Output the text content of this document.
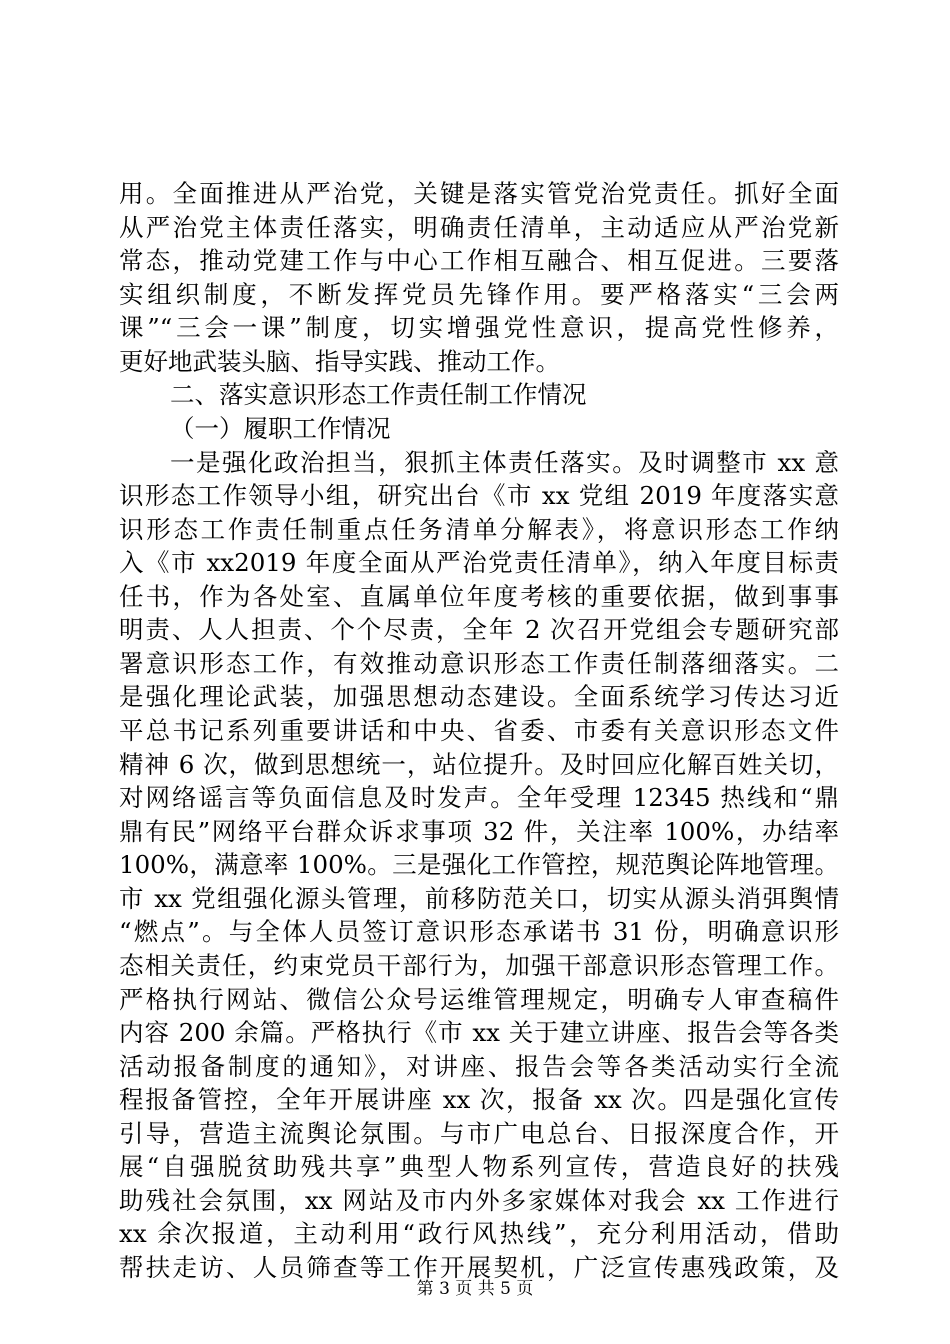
用。全面推进从严治党，关键是落实管党治党责任。抓好全面
从严治党主体责任落实，明确责任清单，主动适应从严治党新
常态，推动党建工作与中心工作相互融合、相互促进。三要落
实组织制度，不断发挥党员先锋作用。要严格落实“三会两
课”“三会一课”制度，切实增强党性意识，提高党性修养，
更好地武装头脑、指导实践、推动工作。
二、落实意识形态工作责任制工作情况
（一）履职工作情况
一是强化政治担当，狠抓主体责任落实。及时调整市 xx 意
识形态工作领导小组，研究出台《市 xx 党组 2019 年度落实意
识形态工作责任制重点任务清单分解表》，将意识形态工作纳
入《市 xx2019 年度全面从严治党责任清单》，纳入年度目标责
任书，作为各处室、直属单位年度考核的重要依据，做到事事
明责、人人担责、个个尽责，全年 2 次召开党组会专题研究部
署意识形态工作，有效推动意识形态工作责任制落细落实。二
是强化理论武装，加强思想动态建设。全面系统学习传达习近
平总书记系列重要讲话和中央、省委、市委有关意识形态文件
精神 6 次，做到思想统一，站位提升。及时回应化解百姓关切，
对网络谣言等负面信息及时发声。全年受理 12345 热线和“鼎
鼎有民”网络平台群众诉求事项 32 件，关注率 100%，办结率
100%，满意率 100%。三是强化工作管控，规范舆论阵地管理。
市 xx 党组强化源头管理，前移防范关口，切实从源头消弭舆情
“燃点”。与全体人员签订意识形态承诺书 31 份，明确意识形
态相关责任，约束党员干部行为，加强干部意识形态管理工作。
严格执行网站、微信公众号运维管理规定，明确专人审查稿件
内容 200 余篇。严格执行《市 xx 关于建立讲座、报告会等各类
活动报备制度的通知》，对讲座、报告会等各类活动实行全流
程报备管控，全年开展讲座 xx 次，报备 xx 次。四是强化宣传
引导，营造主流舆论氛围。与市广电总台、日报深度合作，开
展“自强脱贫助残共享”典型人物系列宣传，营造良好的扶残
助残社会氛围，xx 网站及市内外多家媒体对我会 xx 工作进行
xx 余次报道，主动利用“政行风热线”，充分利用活动，借助
帮扶走访、人员筛查等工作开展契机，广泛宣传惠残政策，及
第 3 页 共 5 页
